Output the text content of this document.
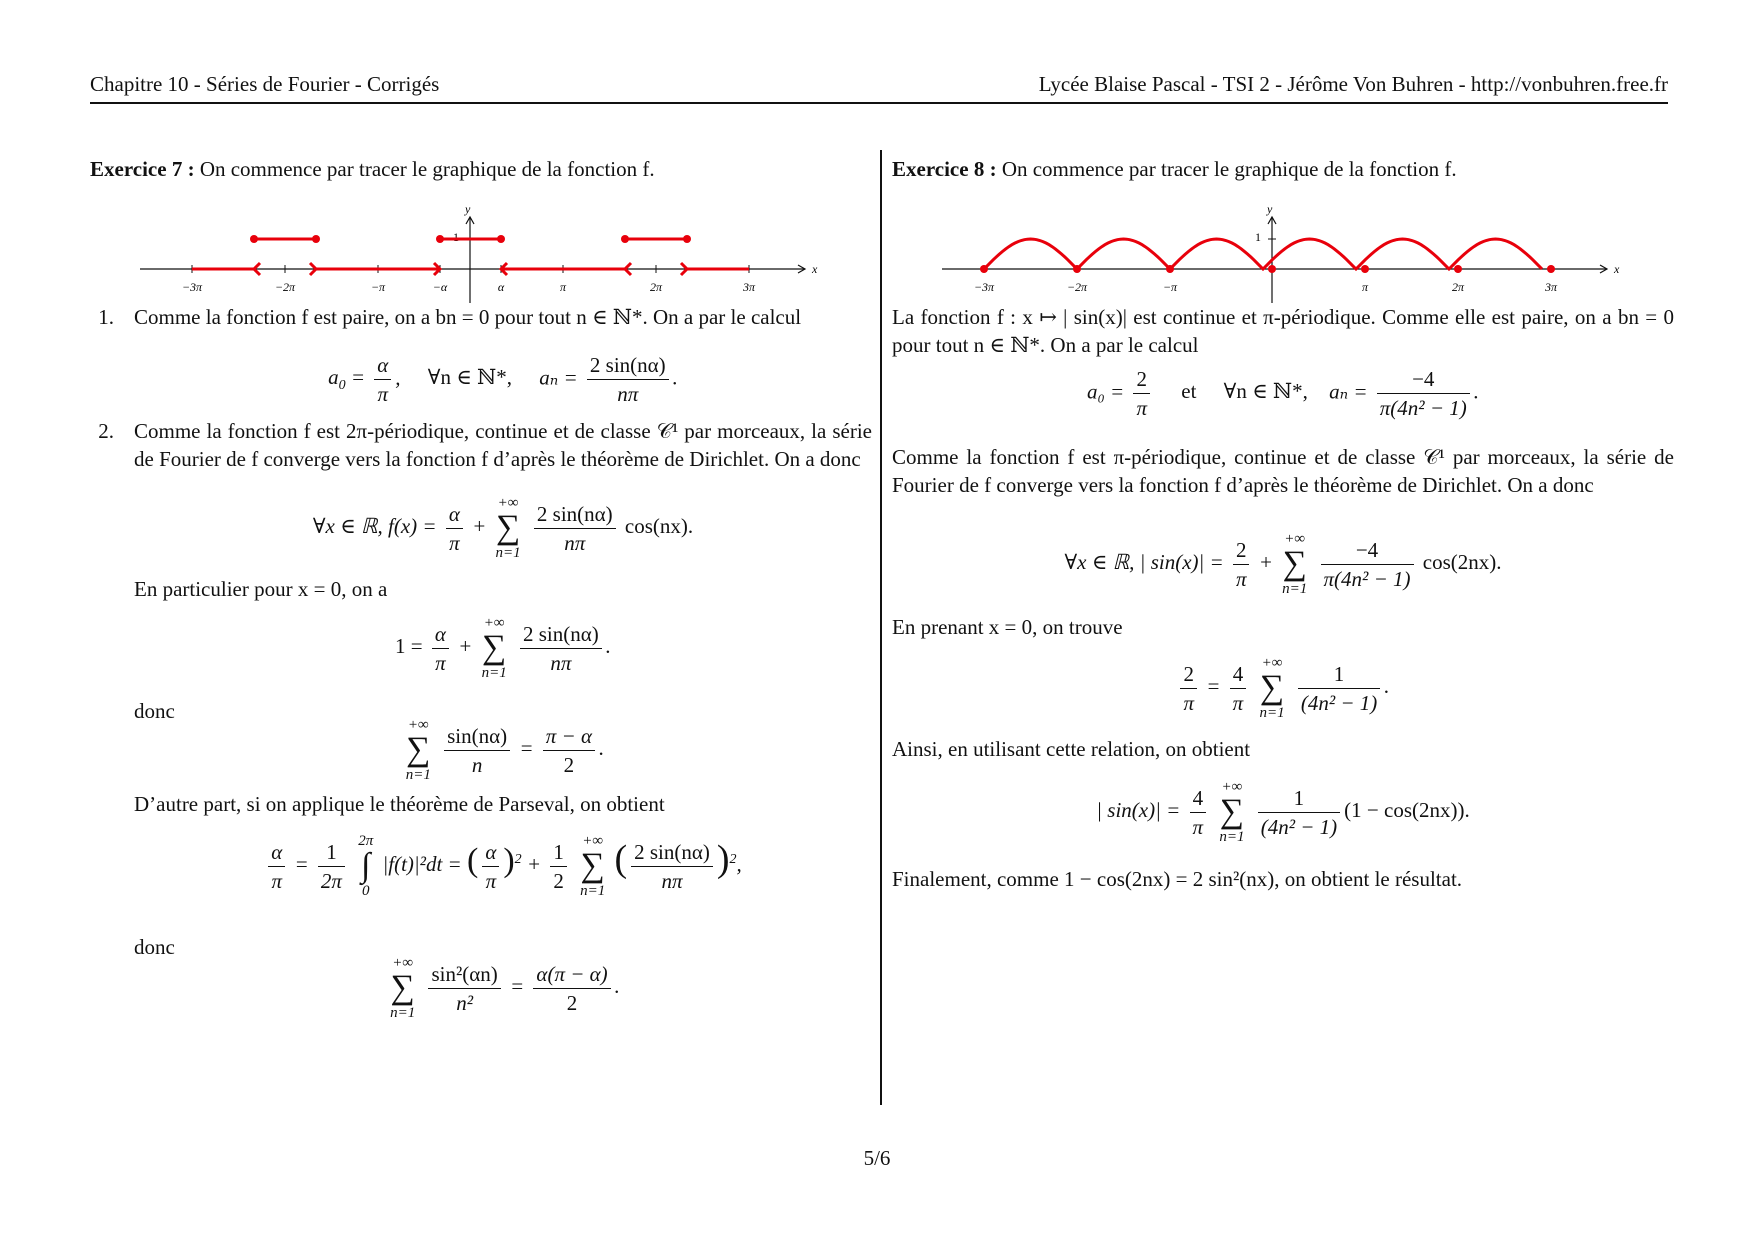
Chapitre 10 - Séries de Fourier - Corrigés	Lycée Blaise Pascal - TSI 2 - Jérôme Von Buhren - http://vonbuhren.free.fr
Exercice 7 : On commence par tracer le graphique de la fonction f.
x
y
1
−3π	−2π	−π	−α	α	π	2π	3π
1. Comme la fonction f est paire, on a bn = 0 pour tout n ∈ ℕ*. On a par le calcul
$a_0 = \frac{\alpha}{\pi}$ , ∀n ∈ ℕ*, $a_n = \frac{2 \sin(n\alpha)}{n\pi}$ .
2. Comme la fonction f est 2π-périodique, continue et de classe 𝒞¹ par morceaux, la série de Fourier de f converge vers la fonction f d’après le théorème de Dirichlet. On a donc
∀x ∈ ℝ, $f(x) = \frac{\alpha}{\pi}$ +
+∞
∑
n=1
$\frac{2 \sin(n\alpha)}{n\pi} \cos(nx)$.
En particulier pour x = 0, on a
$1 = \frac{\alpha}{\pi}$ +
+∞
∑
n=1
$\frac{2 \sin(n\alpha)}{n\pi}$ .
donc
+∞
∑
n=1
$\frac{\sin(n\alpha)}{n} = \frac{\pi - \alpha}{2}$ .
D’autre part, si on applique le théorème de Parseval, on obtient
$\frac{\alpha}{\pi} = \frac{1}{2\pi}$
2π
∫
0
|f(t)|²dt = ( $\frac{\alpha}{\pi} )^2 + \frac{1}{2}$
+∞
∑
n=1
( $\frac{2 \sin(n\alpha)}{n\pi} )^2$,
donc
+∞
∑
n=1
$\frac{\text{sin²(αn)}}{\text{n²}} = \frac{\alpha(\pi - \alpha)}{2}$ .
Exercice 8 : On commence par tracer le graphique de la fonction f.
x
y
1
−3π	−2π	−π	π	2π	3π
La fonction f : x ↦ | sin(x)| est continue et π-périodique. Comme elle est paire, on a bn = 0 pour tout n ∈ ℕ*. On a par le calcul
$a_0 = \frac{2}{\pi}$ et ∀n ∈ ℕ*, $a_n = \frac{-4}{\text{π(4n² − 1)}}$ .
Comme la fonction f est π-périodique, continue et de classe 𝒞¹ par morceaux, la série de Fourier de f converge vers la fonction f d’après le théorème de Dirichlet. On a donc
∀x ∈ ℝ, | $\sin(x)| = \frac{2}{\pi}$ +
+∞
∑
n=1
$\frac{-4}{\text{π(4n² − 1)}} \cos(2nx)$.
En prenant x = 0, on trouve
$\frac{2}{\pi} = \frac{4}{\pi}$
+∞
∑
n=1
$\frac{1}{\text{(4n² − 1)}}$ .
Ainsi, en utilisant cette relation, on obtient
| $\sin(x)| = \frac{4}{\pi}$
+∞
∑
n=1
$\frac{1}{\text{(4n² − 1)}} (1 - \cos(2nx))$.
Finalement, comme 1 − cos(2nx) = 2 sin²(nx), on obtient le résultat.
5/6
